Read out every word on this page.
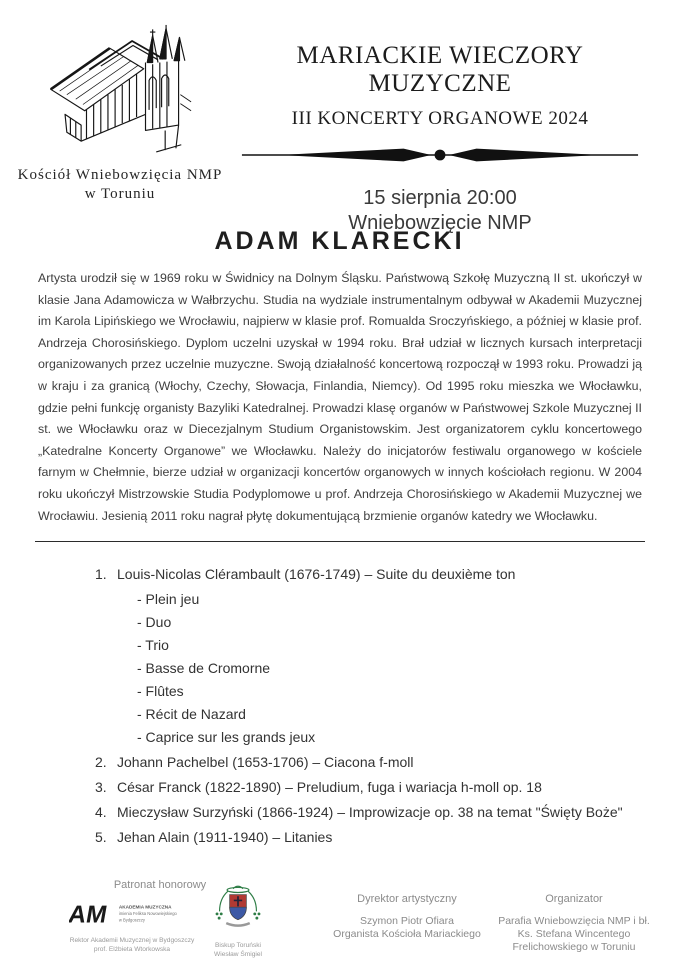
Kościół Wniebowzięcia NMP
w Toruniu
MARIACKIE WIECZORY MUZYCZNE
III KONCERTY ORGANOWE 2024
15 sierpnia 20:00
Wniebowzięcie NMP
ADAM KLARECKI
Artysta urodził się w 1969 roku w Świdnicy na Dolnym Śląsku. Państwową Szkołę Muzyczną II st. ukończył w klasie Jana Adamowicza w Wałbrzychu. Studia na wydziale instrumentalnym odbywał w Akademii Muzycznej im Karola Lipińskiego we Wrocławiu, najpierw w klasie prof. Romualda Sroczyńskiego, a później w klasie prof. Andrzeja Chorosińskiego. Dyplom uczelni uzyskał w 1994 roku. Brał udział w licznych kursach interpretacji organizowanych przez uczelnie muzyczne. Swoją działalność koncertową rozpoczął w 1993 roku. Prowadzi ją w kraju i za granicą (Włochy, Czechy, Słowacja, Finlandia, Niemcy). Od 1995 roku mieszka we Włocławku, gdzie pełni funkcję organisty Bazyliki Katedralnej. Prowadzi klasę organów w Państwowej Szkole Muzycznej II st. we Włocławku oraz w Diecezjalnym Studium Organistowskim. Jest organizatorem cyklu koncertowego „Katedralne Koncerty Organowe” we Włocławku. Należy do inicjatorów festiwalu organowego w kościele farnym w Chełmnie, bierze udział w organizacji koncertów organowych w innych kościołach regionu. W 2004 roku ukończył Mistrzowskie Studia Podyplomowe u prof. Andrzeja Chorosińskiego w Akademii Muzycznej we Wrocławiu. Jesienią 2011 roku nagrał płytę dokumentującą brzmienie organów katedry we Włocławku.
1. Louis-Nicolas Clérambault (1676-1749) – Suite du deuxième ton
- Plein jeu
- Duo
- Trio
- Basse de Cromorne
- Flûtes
- Récit de Nazard
- Caprice sur les grands jeux
2. Johann Pachelbel (1653-1706) – Ciacona f-moll
3. César Franck (1822-1890) – Preludium, fuga i wariacja h-moll op. 18
4. Mieczysław Surzyński (1866-1924) – Improwizacje op. 38 na temat "Święty Boże"
5. Jehan Alain (1911-1940) – Litanies
Patronat honorowy
AM AKADEMIA MUZYCZNA
imienia Feliksa Nowowiejskiego
w Bydgoszczy
Rektor Akademii Muzycznej w Bydgoszczy
prof. Elżbieta Wtorkowska	Biskup Toruński
Wiesław Śmigiel
Dyrektor artystyczny
Szymon Piotr Ofiara
Organista Kościoła Mariackiego
Organizator
Parafia Wniebowzięcia NMP i bł.
Ks. Stefana Wincentego
Frelichowskiego w Toruniu
